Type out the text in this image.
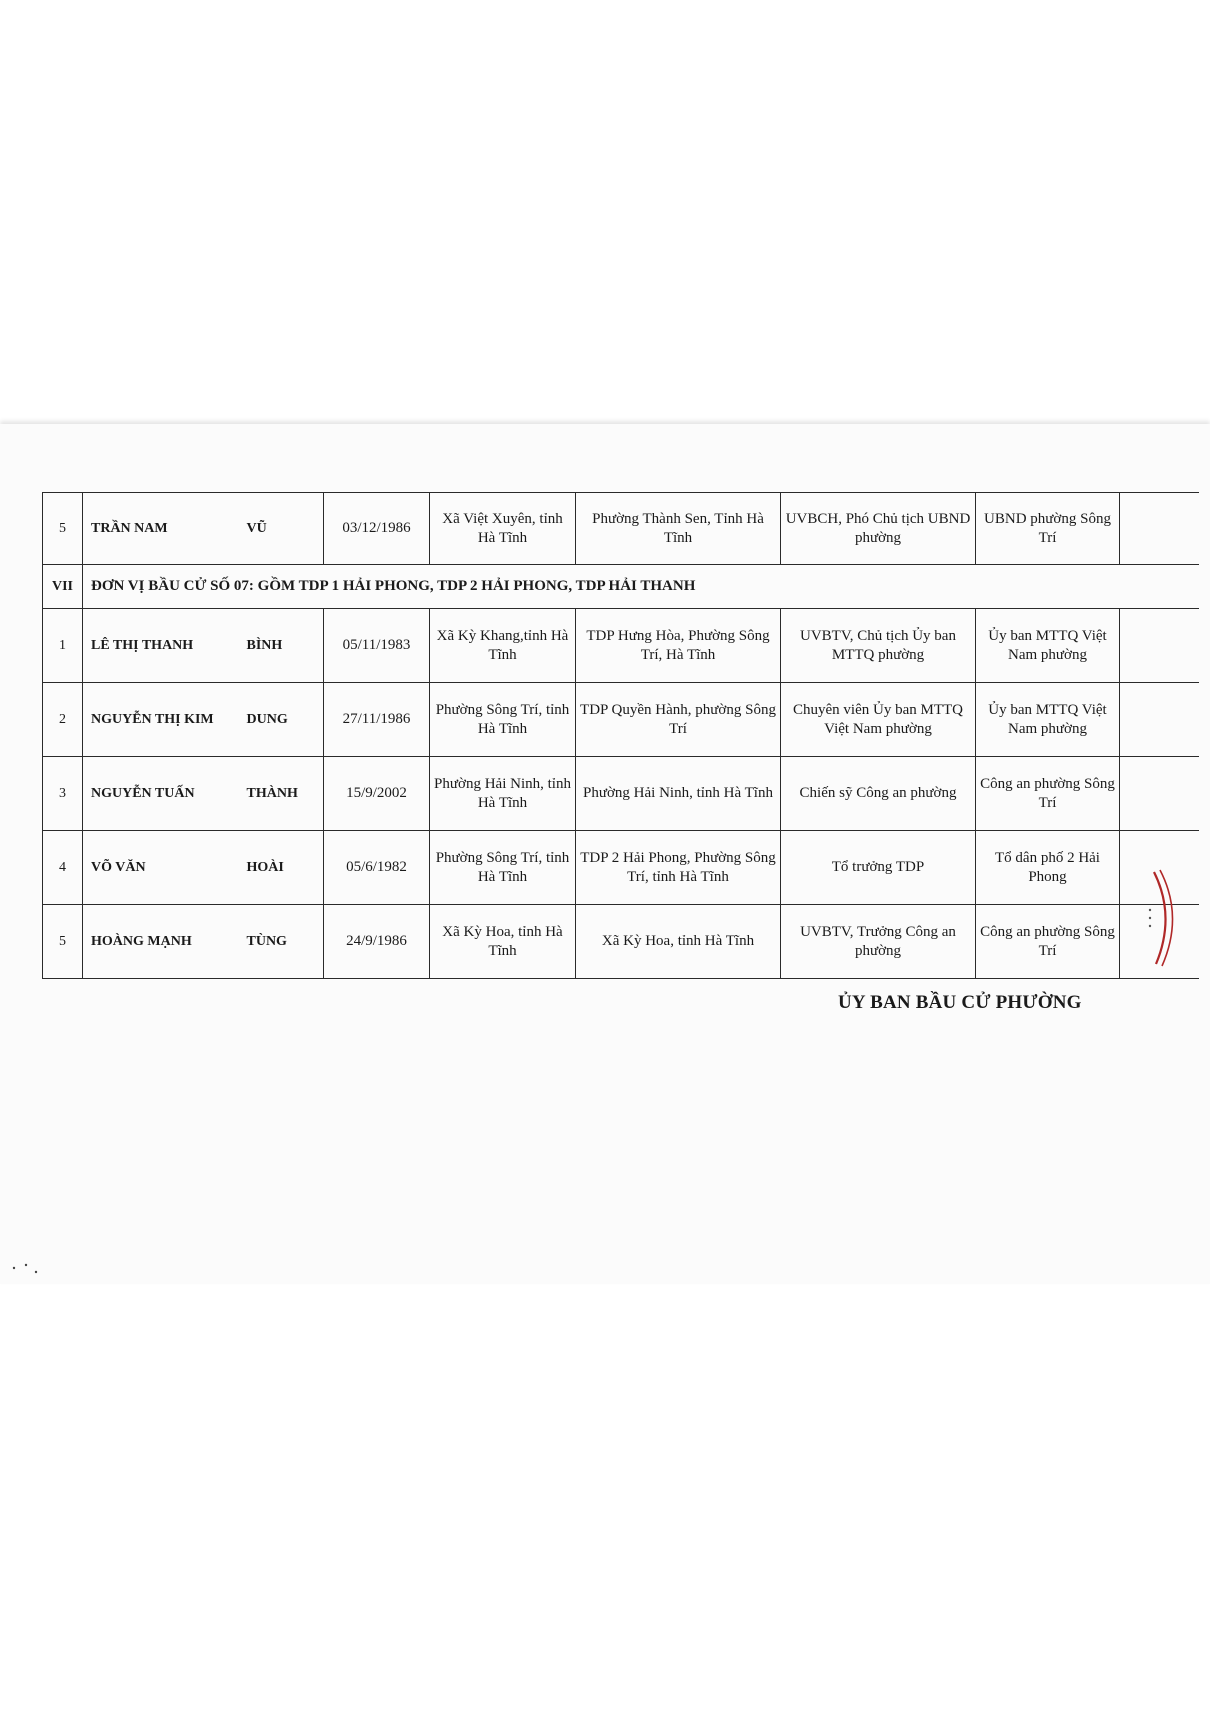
5	TRẦN NAM	VŨ	03/12/1986	Xã Việt Xuyên, tỉnh Hà Tĩnh	Phường Thành Sen, Tỉnh Hà Tĩnh	UVBCH, Phó Chủ tịch UBND phường	UBND phường Sông Trí	
VII	ĐƠN VỊ BẦU CỬ SỐ 07: GỒM TDP 1 HẢI PHONG, TDP 2 HẢI PHONG, TDP HẢI THANH							
1	LÊ THỊ THANH	BÌNH	05/11/1983	Xã Kỳ Khang,tỉnh Hà Tĩnh	TDP Hưng Hòa, Phường Sông Trí, Hà Tĩnh	UVBTV, Chủ tịch Ủy ban MTTQ phường	Ủy ban MTTQ Việt Nam phường	
2	NGUYỄN THỊ KIM	DUNG	27/11/1986	Phường Sông Trí, tỉnh Hà Tĩnh	TDP Quyền Hành, phường Sông Trí	Chuyên viên Ủy ban MTTQ Việt Nam phường	Ủy ban MTTQ Việt Nam phường	
3	NGUYỄN TUẤN	THÀNH	15/9/2002	Phường Hải Ninh, tỉnh Hà Tĩnh	Phường Hải Ninh, tỉnh Hà Tĩnh	Chiến sỹ Công an phường	Công an phường Sông Trí	
4	VÕ VĂN	HOÀI	05/6/1982	Phường Sông Trí, tỉnh Hà Tĩnh	TDP 2 Hải Phong, Phường Sông Trí, tỉnh Hà Tĩnh	Tổ trưởng TDP	Tổ dân phố 2 Hải Phong	
5	HOÀNG MẠNH	TÙNG	24/9/1986	Xã Kỳ Hoa, tỉnh Hà Tĩnh	Xã Kỳ Hoa, tỉnh Hà Tĩnh	UVBTV, Trưởng Công an phường	Công an phường Sông Trí	
ỦY BAN BẦU CỬ PHƯỜNG
